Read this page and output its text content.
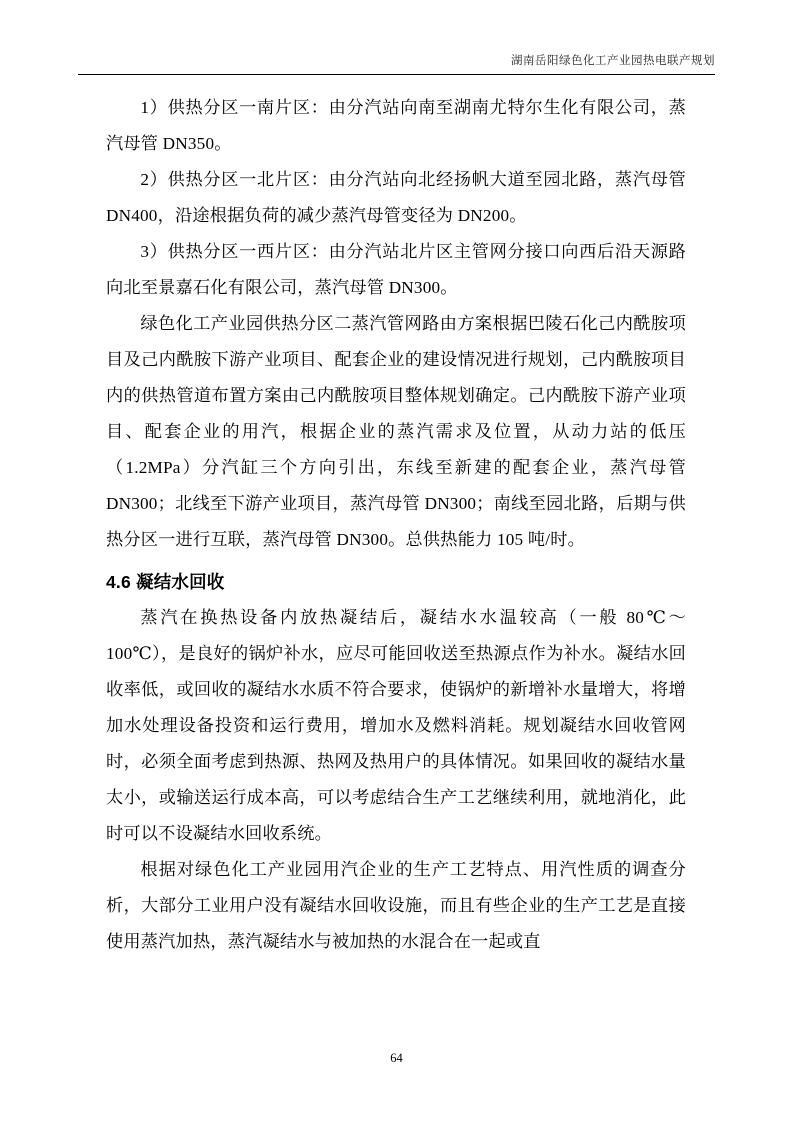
湖南岳阳绿色化工产业园热电联产规划

1）供热分区一南片区：由分汽站向南至湖南尤特尔生化有限公司，蒸汽母管 DN350。

2）供热分区一北片区：由分汽站向北经扬帆大道至园北路，蒸汽母管 DN400，沿途根据负荷的减少蒸汽母管变径为 DN200。

3）供热分区一西片区：由分汽站北片区主管网分接口向西后沿天源路向北至景嘉石化有限公司，蒸汽母管 DN300。

绿色化工产业园供热分区二蒸汽管网路由方案根据巴陵石化己内酰胺项目及己内酰胺下游产业项目、配套企业的建设情况进行规划，己内酰胺项目内的供热管道布置方案由己内酰胺项目整体规划确定。己内酰胺下游产业项目、配套企业的用汽，根据企业的蒸汽需求及位置，从动力站的低压（1.2MPa）分汽缸三个方向引出，东线至新建的配套企业，蒸汽母管 DN300；北线至下游产业项目，蒸汽母管 DN300；南线至园北路，后期与供热分区一进行互联，蒸汽母管 DN300。总供热能力 105 吨/时。

4.6 凝结水回收

蒸汽在换热设备内放热凝结后，凝结水水温较高（一般 80℃～100℃），是良好的锅炉补水，应尽可能回收送至热源点作为补水。凝结水回收率低，或回收的凝结水水质不符合要求，使锅炉的新增补水量增大，将增加水处理设备投资和运行费用，增加水及燃料消耗。规划凝结水回收管网时，必须全面考虑到热源、热网及热用户的具体情况。如果回收的凝结水量太小，或输送运行成本高，可以考虑结合生产工艺继续利用，就地消化，此时可以不设凝结水回收系统。

根据对绿色化工产业园用汽企业的生产工艺特点、用汽性质的调查分析，大部分工业用户没有凝结水回收设施，而且有些企业的生产工艺是直接使用蒸汽加热，蒸汽凝结水与被加热的水混合在一起或直

64
